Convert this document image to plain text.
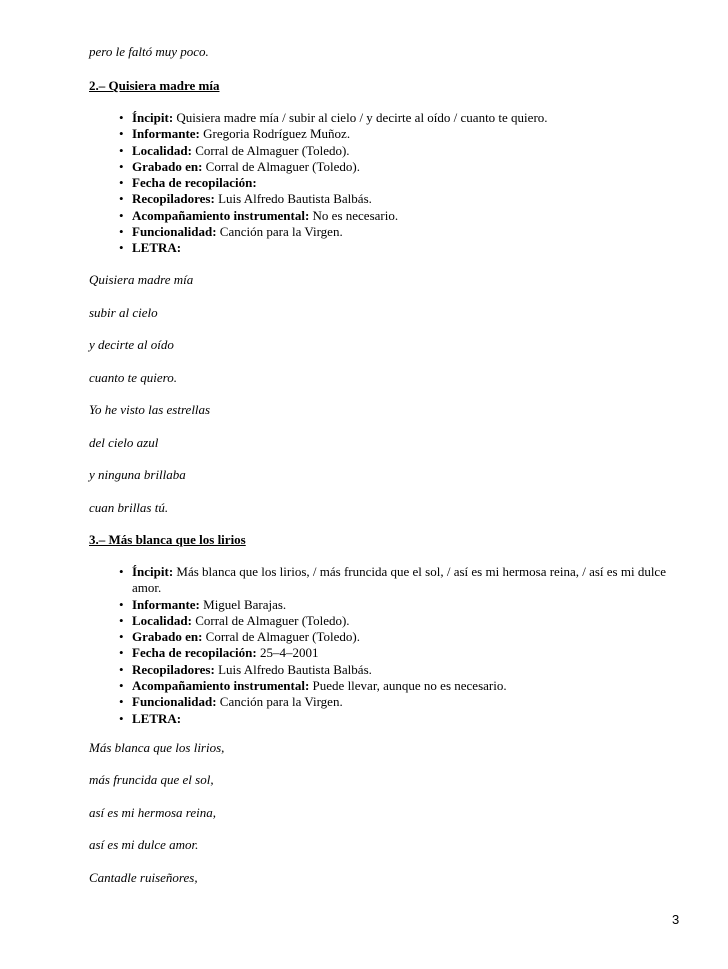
pero le faltó muy poco.
2.– Quisiera madre mía
• Íncipit: Quisiera madre mía / subir al cielo / y decirte al oído / cuanto te quiero.
• Informante: Gregoria Rodríguez Muñoz.
• Localidad: Corral de Almaguer (Toledo).
• Grabado en: Corral de Almaguer (Toledo).
• Fecha de recopilación:
• Recopiladores: Luis Alfredo Bautista Balbás.
• Acompañamiento instrumental: No es necesario.
• Funcionalidad: Canción para la Virgen.
• LETRA:
Quisiera madre mía
subir al cielo
y decirte al oído
cuanto te quiero.
Yo he visto las estrellas
del cielo azul
y ninguna brillaba
cuan brillas tú.
3.– Más blanca que los lirios
• Íncipit: Más blanca que los lirios, / más fruncida que el sol, / así es mi hermosa reina, / así es mi dulce amor.
• Informante: Miguel Barajas.
• Localidad: Corral de Almaguer (Toledo).
• Grabado en: Corral de Almaguer (Toledo).
• Fecha de recopilación: 25–4–2001
• Recopiladores: Luis Alfredo Bautista Balbás.
• Acompañamiento instrumental: Puede llevar, aunque no es necesario.
• Funcionalidad: Canción para la Virgen.
• LETRA:
Más blanca que los lirios,
más fruncida que el sol,
así es mi hermosa reina,
así es mi dulce amor.
Cantadle ruiseñores,
3
